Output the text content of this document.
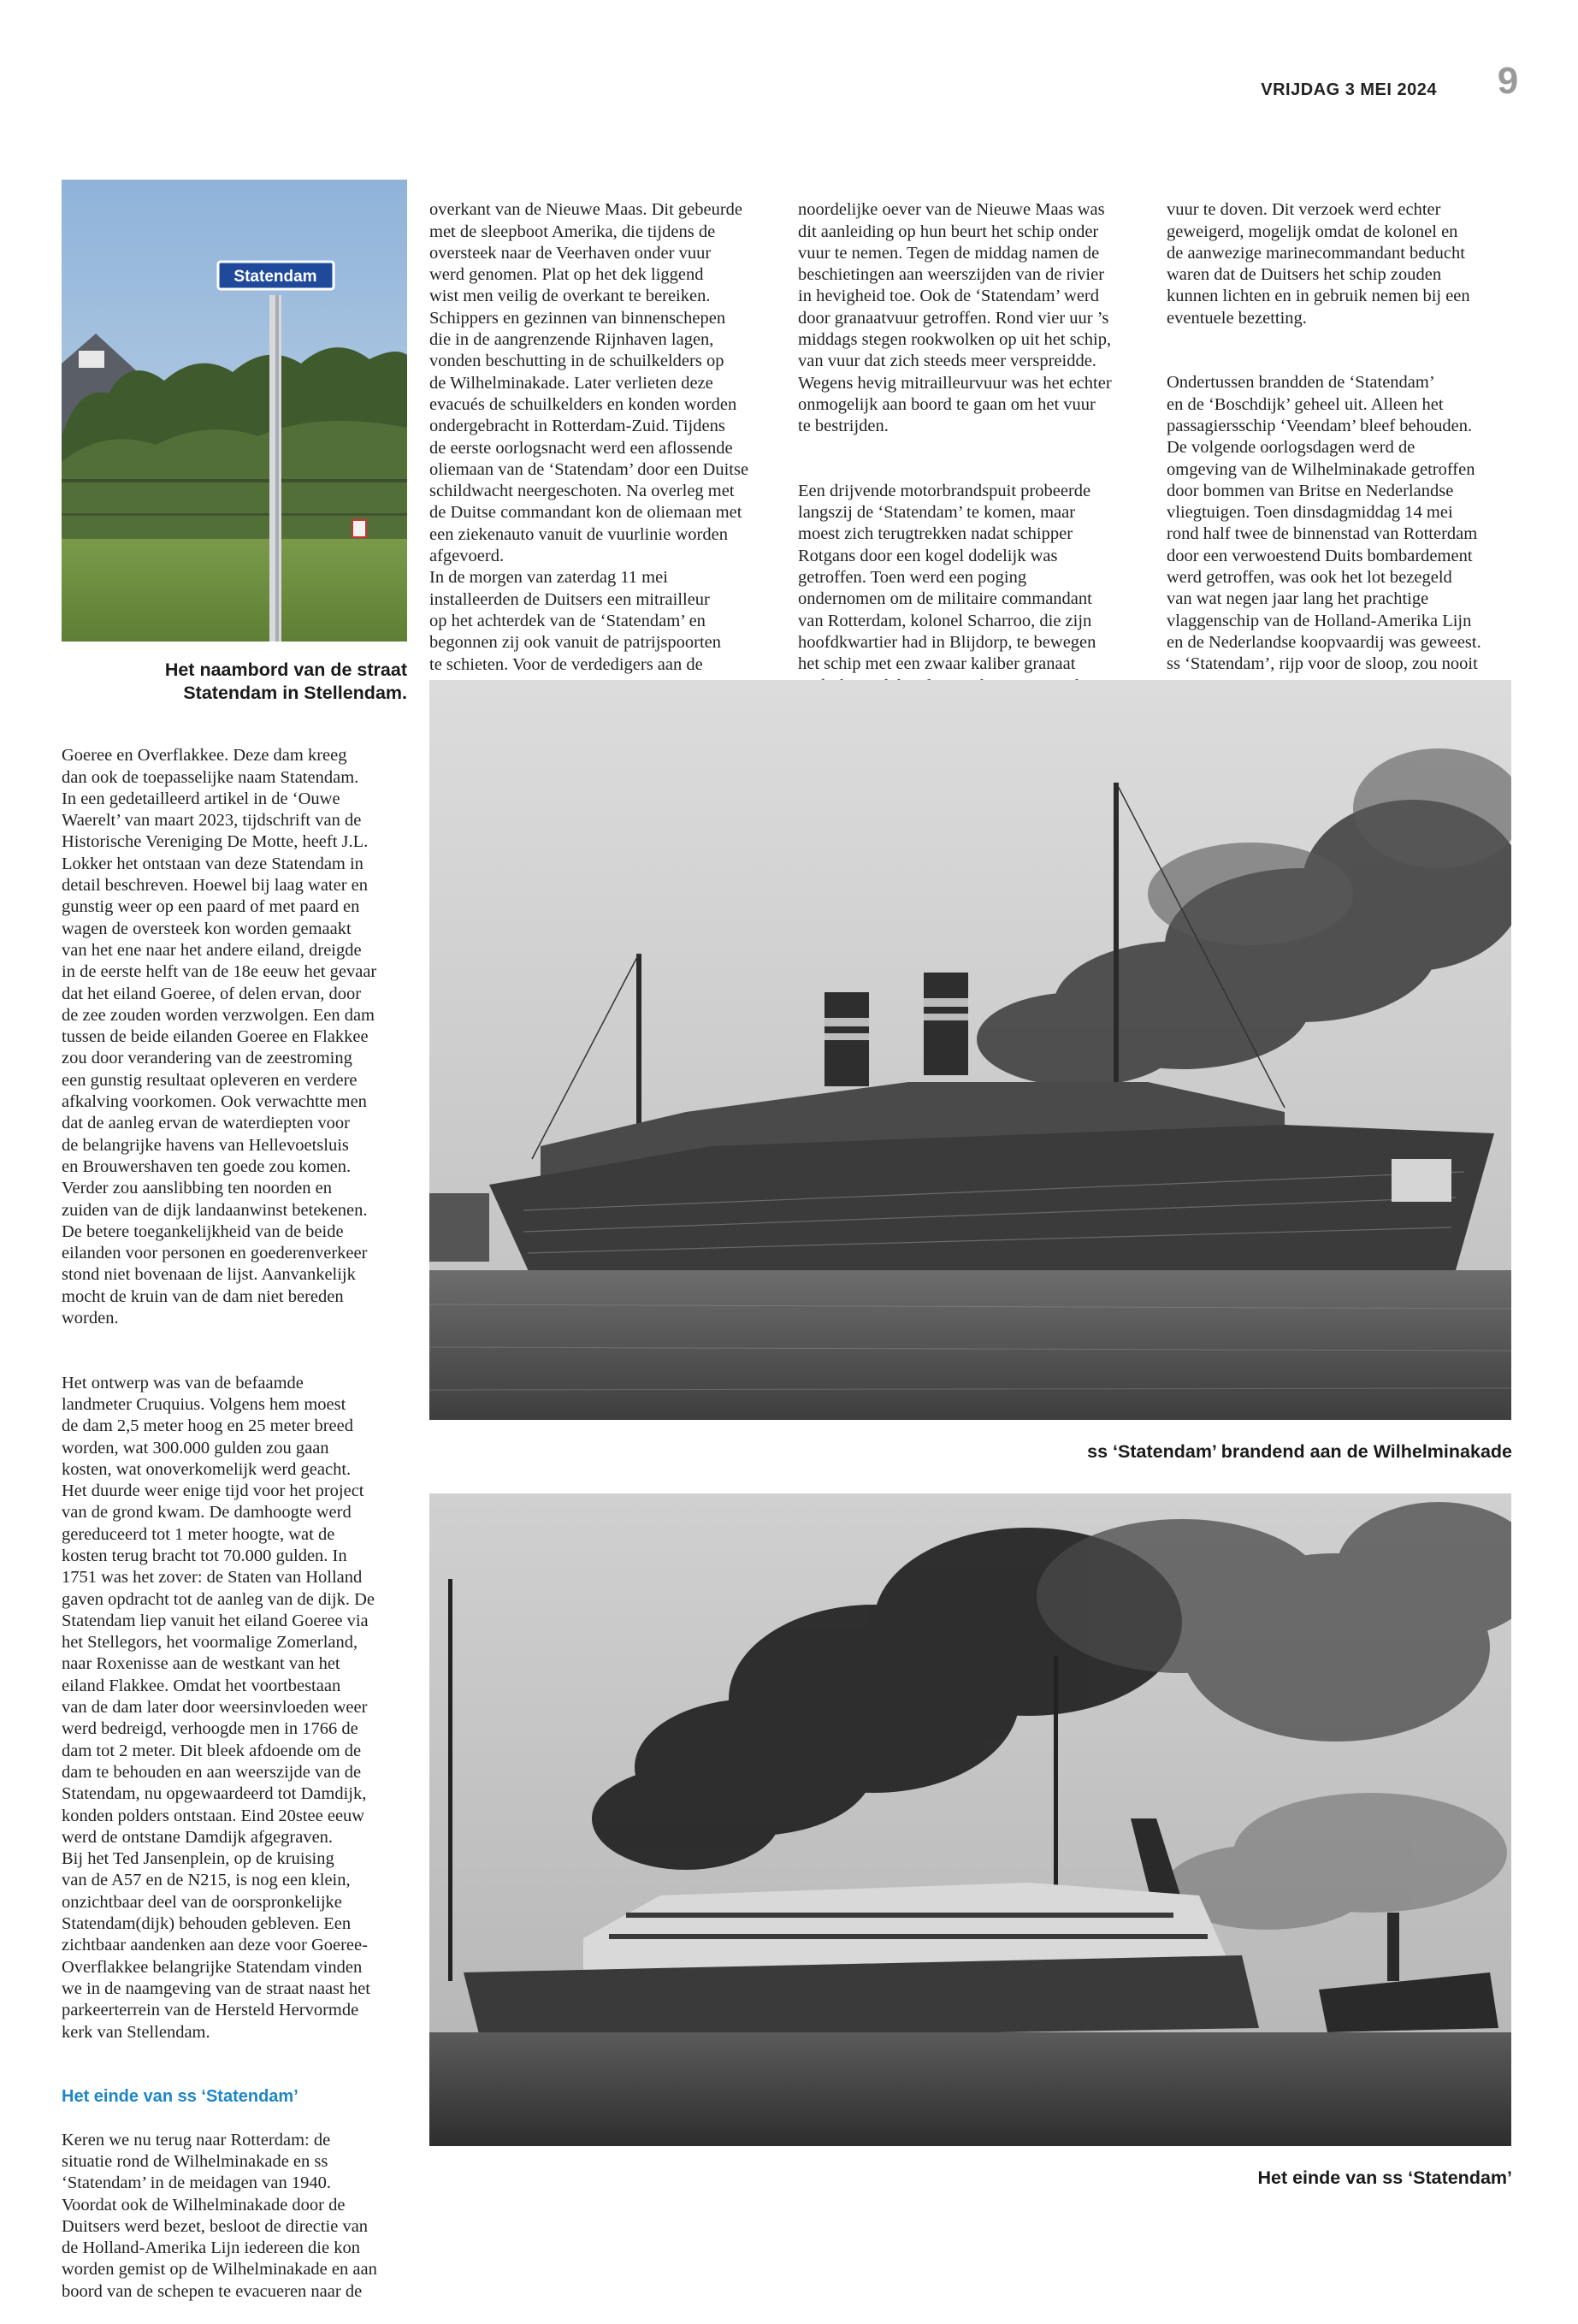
VRIJDAG 3 MEI 2024 9
Statendam
Het naambord van de straat
Statendam in Stellendam.

Goeree en Overflakkee. Deze dam kreeg
dan ook de toepasselijke naam Statendam.
In een gedetailleerd artikel in de ‘Ouwe
Waerelt’ van maart 2023, tijdschrift van de
Historische Vereniging De Motte, heeft J.L.
Lokker het ontstaan van deze Statendam in
detail beschreven. Hoewel bij laag water en
gunstig weer op een paard of met paard en
wagen de oversteek kon worden gemaakt
van het ene naar het andere eiland, dreigde
in de eerste helft van de 18e eeuw het gevaar
dat het eiland Goeree, of delen ervan, door
de zee zouden worden verzwolgen. Een dam
tussen de beide eilanden Goeree en Flakkee
zou door verandering van de zeestroming
een gunstig resultaat opleveren en verdere
afkalving voorkomen. Ook verwachtte men
dat de aanleg ervan de waterdiepten voor
de belangrijke havens van Hellevoetsluis
en Brouwershaven ten goede zou komen.
Verder zou aanslibbing ten noorden en
zuiden van de dijk landaanwinst betekenen.
De betere toegankelijkheid van de beide
eilanden voor personen en goederenverkeer
stond niet bovenaan de lijst. Aanvankelijk
mocht de kruin van de dam niet bereden
worden.

Het ontwerp was van de befaamde
landmeter Cruquius. Volgens hem moest
de dam 2,5 meter hoog en 25 meter breed
worden, wat 300.000 gulden zou gaan
kosten, wat onoverkomelijk werd geacht.
Het duurde weer enige tijd voor het project
van de grond kwam. De damhoogte werd
gereduceerd tot 1 meter hoogte, wat de
kosten terug bracht tot 70.000 gulden. In
1751 was het zover: de Staten van Holland
gaven opdracht tot de aanleg van de dijk. De
Statendam liep vanuit het eiland Goeree via
het Stellegors, het voormalige Zomerland,
naar Roxenisse aan de westkant van het
eiland Flakkee. Omdat het voortbestaan
van de dam later door weersinvloeden weer
werd bedreigd, verhoogde men in 1766 de
dam tot 2 meter. Dit bleek afdoende om de
dam te behouden en aan weerszijde van de
Statendam, nu opgewaardeerd tot Damdijk,
konden polders ontstaan. Eind 20stee eeuw
werd de ontstane Damdijk afgegraven.
Bij het Ted Jansenplein, op de kruising
van de A57 en de N215, is nog een klein,
onzichtbaar deel van de oorspronkelijke
Statendam(dijk) behouden gebleven. Een
zichtbaar aandenken aan deze voor Goeree-
Overflakkee belangrijke Statendam vinden
we in de naamgeving van de straat naast het
parkeerterrein van de Hersteld Hervormde
kerk van Stellendam.

Het einde van ss ‘Statendam’

Keren we nu terug naar Rotterdam: de
situatie rond de Wilhelminakade en ss
‘Statendam’ in de meidagen van 1940.
Voordat ook de Wilhelminakade door de
Duitsers werd bezet, besloot de directie van
de Holland-Amerika Lijn iedereen die kon
worden gemist op de Wilhelminakade en aan
boord van de schepen te evacueren naar de

overkant van de Nieuwe Maas. Dit gebeurde
met de sleepboot Amerika, die tijdens de
oversteek naar de Veerhaven onder vuur
werd genomen. Plat op het dek liggend
wist men veilig de overkant te bereiken.
Schippers en gezinnen van binnenschepen
die in de aangrenzende Rijnhaven lagen,
vonden beschutting in de schuilkelders op
de Wilhelminakade. Later verlieten deze
evacués de schuilkelders en konden worden
ondergebracht in Rotterdam-Zuid. Tijdens
de eerste oorlogsnacht werd een aflossende
oliemaan van de ‘Statendam’ door een Duitse
schildwacht neergeschoten. Na overleg met
de Duitse commandant kon de oliemaan met
een ziekenauto vanuit de vuurlinie worden
afgevoerd.
In de morgen van zaterdag 11 mei
installeerden de Duitsers een mitrailleur
op het achterdek van de ‘Statendam’ en
begonnen zij ook vanuit de patrijspoorten
te schieten. Voor de verdedigers aan de

noordelijke oever van de Nieuwe Maas was
dit aanleiding op hun beurt het schip onder
vuur te nemen. Tegen de middag namen de
beschietingen aan weerszijden van de rivier
in hevigheid toe. Ook de ‘Statendam’ werd
door granaatvuur getroffen. Rond vier uur ’s
middags stegen rookwolken op uit het schip,
van vuur dat zich steeds meer verspreidde.
Wegens hevig mitrailleurvuur was het echter
onmogelijk aan boord te gaan om het vuur
te bestrijden.

Een drijvende motorbrandspuit probeerde
langszij de ‘Statendam’ te komen, maar
moest zich terugtrekken nadat schipper
Rotgans door een kogel dodelijk was
getroffen. Toen werd een poging
ondernomen om de militaire commandant
van Rotterdam, kolonel Scharroo, die zijn
hoofdkwartier had in Blijdorp, te bewegen
het schip met een zwaar kaliber granaat

vuur te doven. Dit verzoek werd echter
geweigerd, mogelijk omdat de kolonel en
de aanwezige marinecommandant beducht
waren dat de Duitsers het schip zouden
kunnen lichten en in gebruik nemen bij een
eventuele bezetting.

Ondertussen brandden de ‘Statendam’
en de ‘Boschdijk’ geheel uit. Alleen het
passagiersschip ‘Veendam’ bleef behouden.
De volgende oorlogsdagen werd de
omgeving van de Wilhelminakade getroffen
door bommen van Britse en Nederlandse
vliegtuigen. Toen dinsdagmiddag 14 mei
rond half twee de binnenstad van Rotterdam
door een verwoestend Duits bombardement
werd getroffen, was ook het lot bezegeld
van wat negen jaar lang het prachtige
vlaggenschip van de Holland-Amerika Lijn
en de Nederlandse koopvaardij was geweest.
ss ‘Statendam’, rijp voor de sloop, zou nooit

ss ‘Statendam’ brandend aan de Wilhelminakade
Het einde van ss ‘Statendam’
